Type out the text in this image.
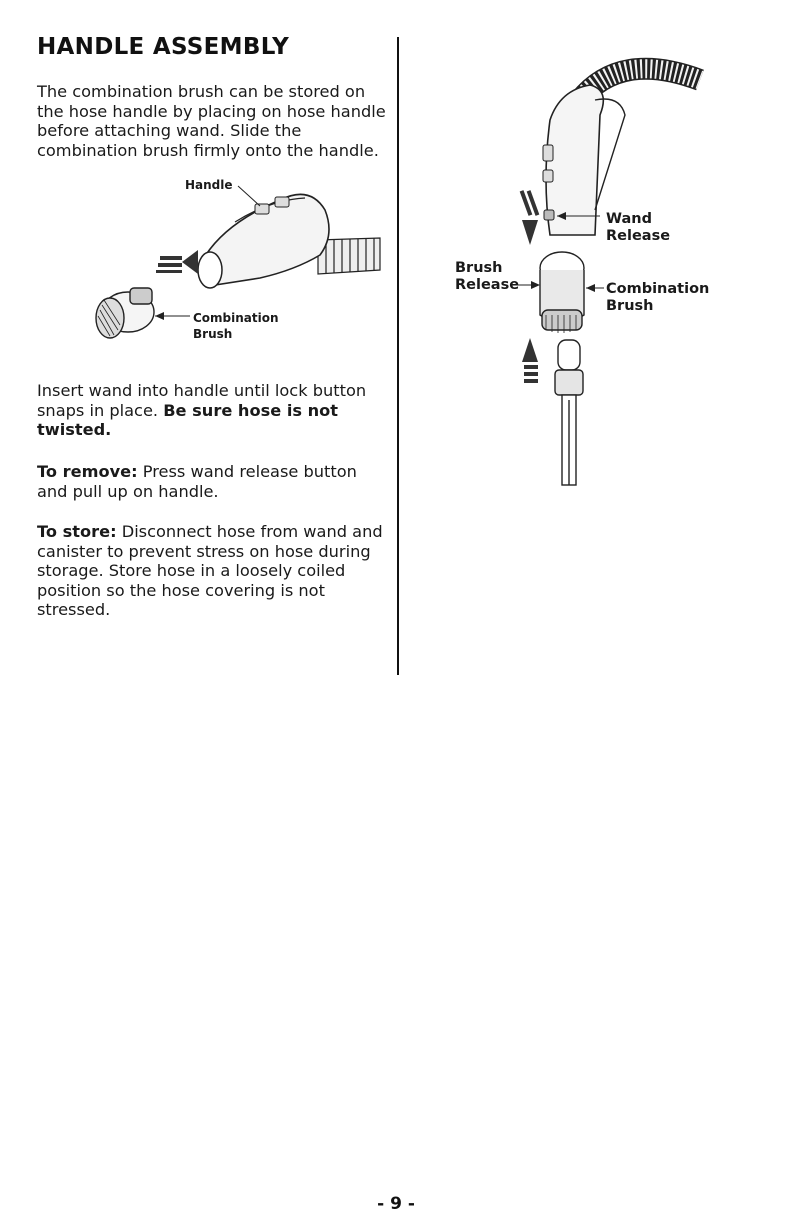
HANDLE ASSEMBLY
The combination brush can be stored on the hose handle by placing on hose handle before attaching wand. Slide the combination brush firmly onto the handle.
Handle
Combination
Brush
Insert wand into handle until lock button snaps in place. Be sure hose is not twisted.
To remove: Press wand release button and pull up on handle.
To store: Disconnect hose from wand and canister to prevent stress on hose during storage. Store hose in a loosely coiled position so the hose covering is not stressed.
Wand
Release
Brush
Release	Combination
Brush
- 9 -
